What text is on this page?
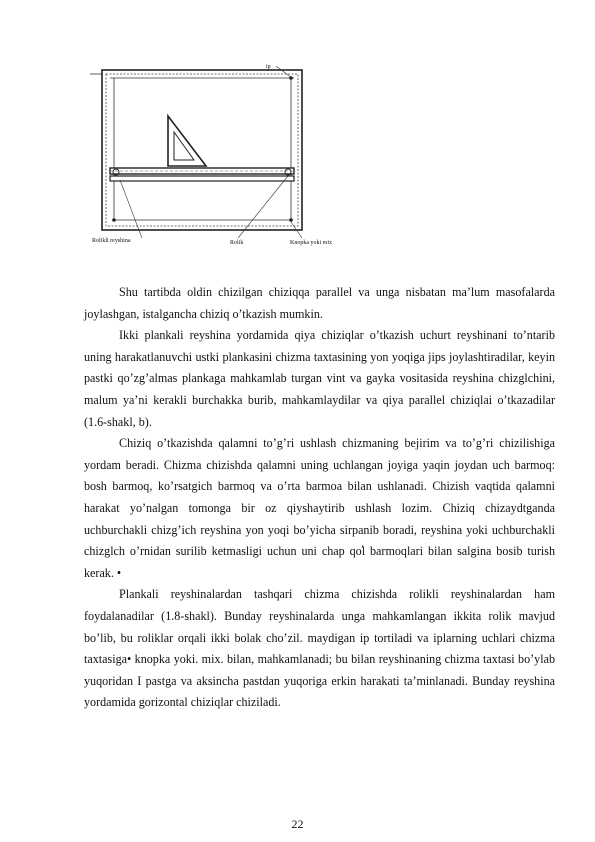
ip
Rolikli reyshina	Rolik	Knopka yoki mix

Shu tartibda oldin chizilgan chiziqqa parallel va unga nisbatan ma’lum masofalarda joylashgan, istalgancha chiziq o’tkazish mumkin.

Ikki plankali reyshina yordamida qiya chiziqlar o’tkazish uchurt reyshinani to’ntarib uning harakatlanuvchi ustki plankasini chizma taxtasining yon yoqiga jips joylashtiradilar, keyin pastki qo’zg’almas plankaga mahkamlab turgan vint va gayka vositasida reyshina chizglchini, malum ya’ni kerakli burchakka burib, mahkamlaydilar va qiya parallel chiziqlai o’tkazadilar (1.6-shakl, b).

Chiziq o’tkazishda qalamni to’g’ri ushlash chizmaning bejirim va to’g’ri chizilishiga yordam beradi. Chizma chizishda qalamni uning uchlangan joyiga yaqin joydan uch barmoq: bosh barmoq, ko’rsatgich barmoq va o’rta barmoa bilan ushlanadi. Chizish vaqtida qalamni harakat yo’nalgan tomonga bir oz qiyshaytirib ushlash lozim. Chiziq chizaydtganda uchburchakli chizg’ich reyshina yon yoqi bo’yicha sirpanib boradi, reyshina yoki uchburchakli chizglch o’rnidan surilib ketmasligi uchun uni chap qo̕l barmoqlari bilan salgina bosib turish kerak. •

Plankali reyshinalardan tashqari chizma chizishda rolikli reyshinalardan ham foydalanadilar (1.8-shakl). Bunday reyshinalarda unga mahkamlangan ikkita rolik mavjud bo’lib, bu roliklar orqali ikki bolak cho’zil. maydigan ip tortiladi va iplarning uchlari chizma taxtasiga• knopka yoki. mix. bilan, mahkamlanadi; bu bilan reyshinaning chizma taxtasi bo’ylab yuqoridan I pastga va aksincha pastdan yuqoriga erkin harakati ta’minlanadi. Bunday reyshina yordamida gorizontal chiziqlar chiziladi.

22
